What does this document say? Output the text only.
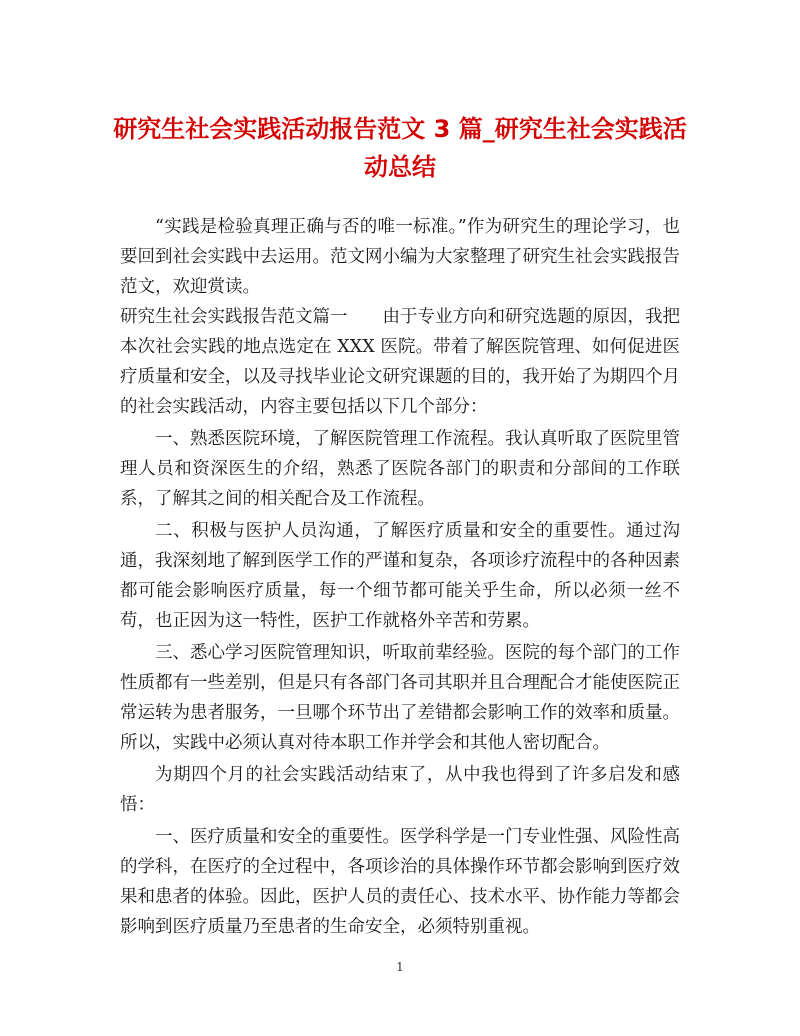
研究生社会实践活动报告范文 3 篇_研究生社会实践活
动总结

“实践是检验真理正确与否的唯一标准。”作为研究生的理论学习，也要回到社会实践中去运用。范文网小编为大家整理了研究生社会实践报告范文，欢迎赏读。

研究生社会实践报告范文篇一　　由于专业方向和研究选题的原因，我把本次社会实践的地点选定在 XXX 医院。带着了解医院管理、如何促进医疗质量和安全，以及寻找毕业论文研究课题的目的，我开始了为期四个月的社会实践活动，内容主要包括以下几个部分：

一、熟悉医院环境，了解医院管理工作流程。我认真听取了医院里管理人员和资深医生的介绍，熟悉了医院各部门的职责和分部间的工作联系，了解其之间的相关配合及工作流程。

二、积极与医护人员沟通，了解医疗质量和安全的重要性。通过沟通，我深刻地了解到医学工作的严谨和复杂，各项诊疗流程中的各种因素都可能会影响医疗质量，每一个细节都可能关乎生命，所以必须一丝不苟，也正因为这一特性，医护工作就格外辛苦和劳累。

三、悉心学习医院管理知识，听取前辈经验。医院的每个部门的工作性质都有一些差别，但是只有各部门各司其职并且合理配合才能使医院正常运转为患者服务，一旦哪个环节出了差错都会影响工作的效率和质量。所以，实践中必须认真对待本职工作并学会和其他人密切配合。

为期四个月的社会实践活动结束了，从中我也得到了许多启发和感悟：

一、医疗质量和安全的重要性。医学科学是一门专业性强、风险性高的学科，在医疗的全过程中，各项诊治的具体操作环节都会影响到医疗效果和患者的体验。因此，医护人员的责任心、技术水平、协作能力等都会影响到医疗质量乃至患者的生命安全，必须特别重视。

1
